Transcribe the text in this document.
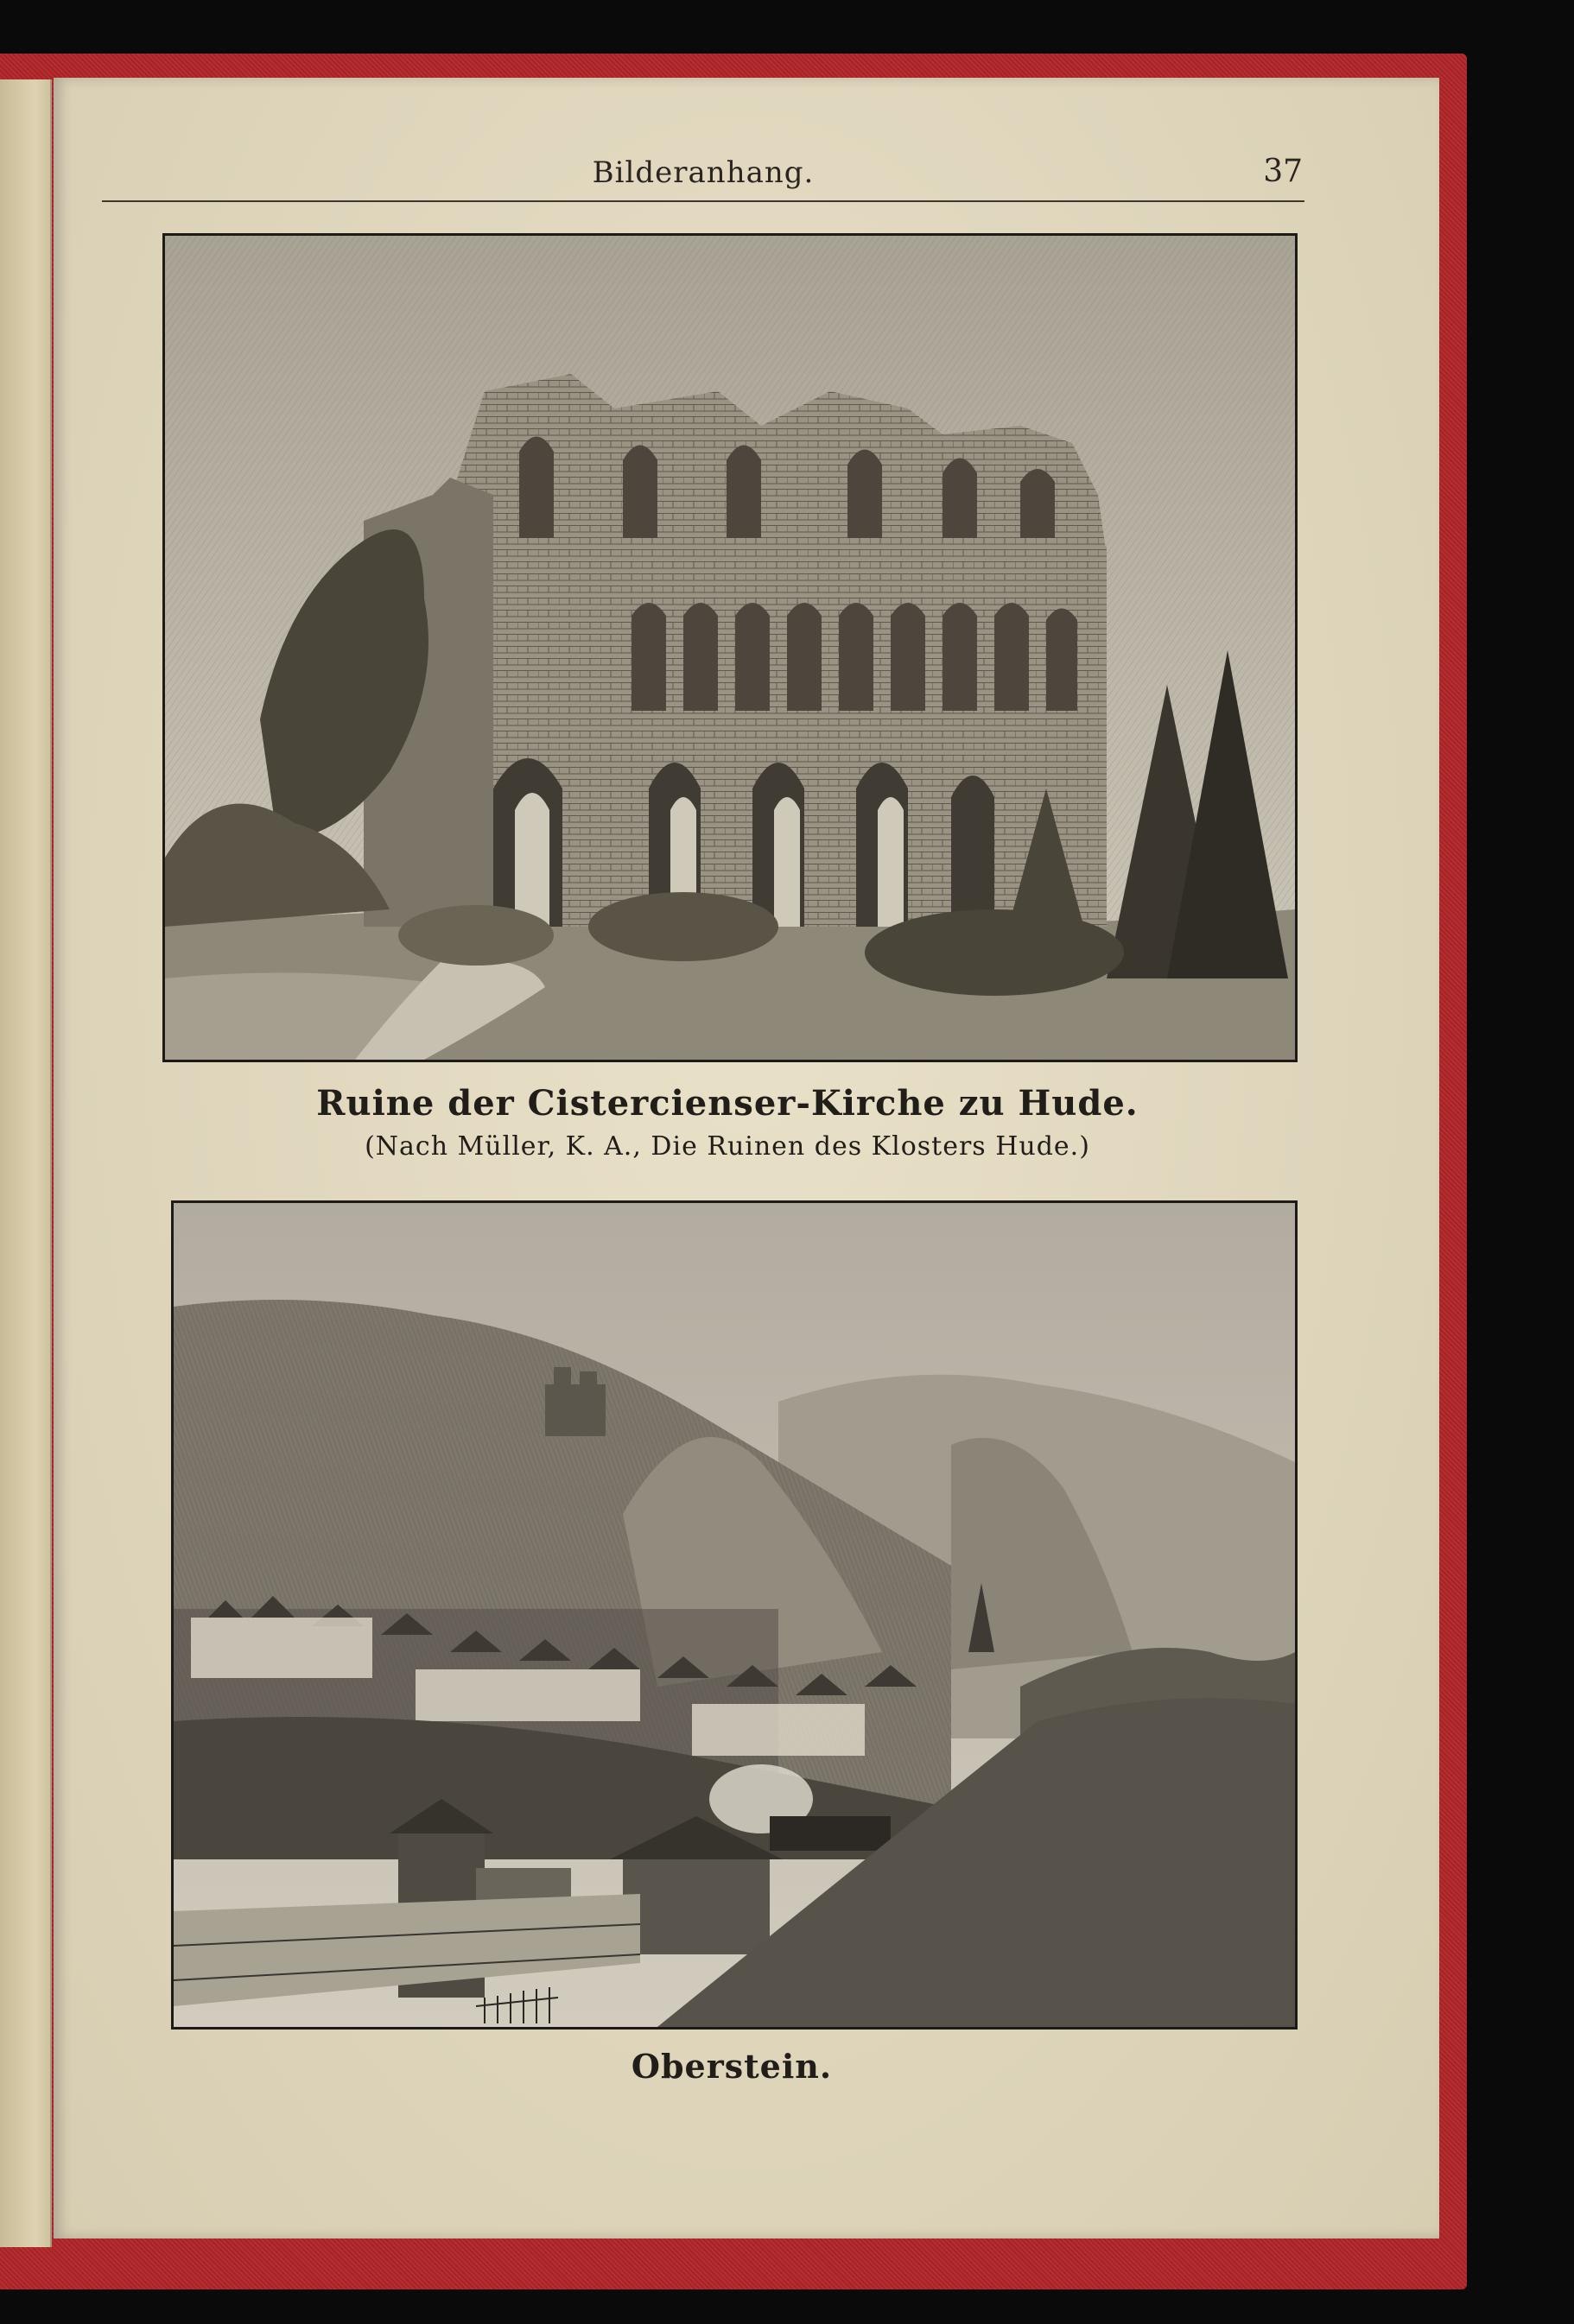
Bilderanhang.	37
Ruine der Cistercienser-Kirche zu Hude.
(Nach Müller, K. A., Die Ruinen des Klosters Hude.)
Oberstein.
